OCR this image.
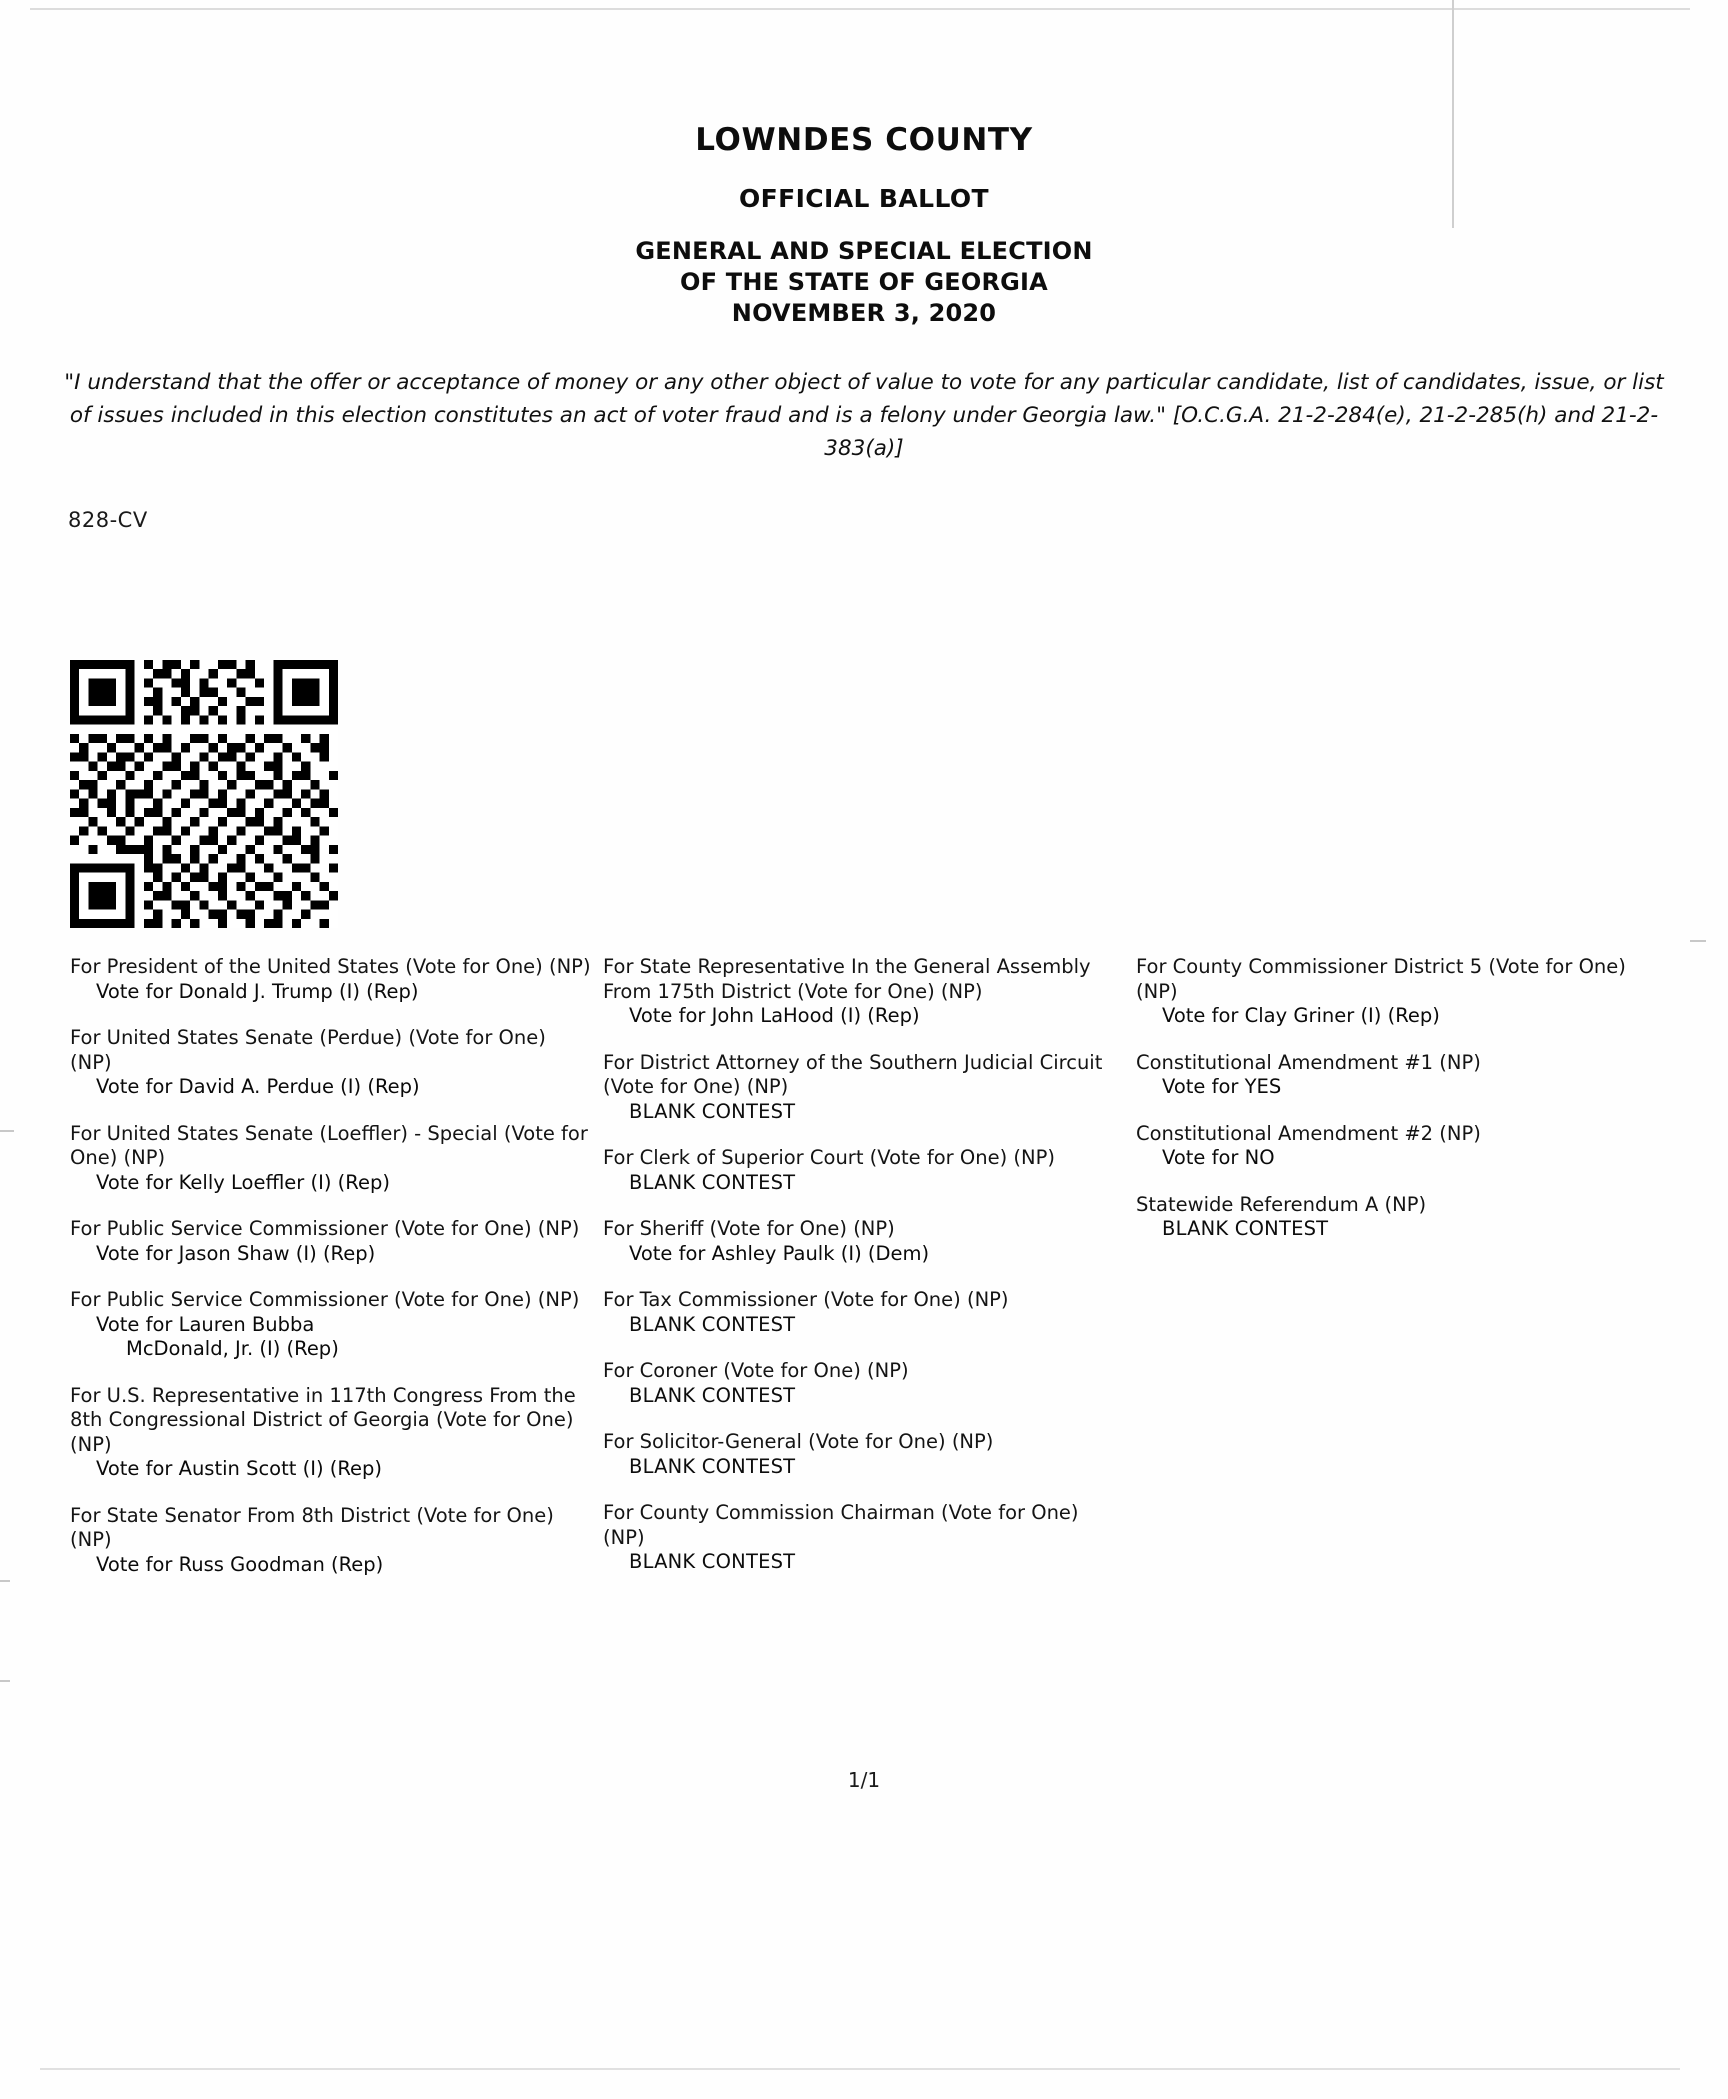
LOWNDES COUNTY
OFFICIAL BALLOT
GENERAL AND SPECIAL ELECTION
OF THE STATE OF GEORGIA
NOVEMBER 3, 2020
"I understand that the offer or acceptance of money or any other object of value to vote for any particular candidate, list of candidates, issue, or list of issues included in this election constitutes an act of voter fraud and is a felony under Georgia law." [O.C.G.A. 21-2-284(e), 21-2-285(h) and 21-2-383(a)]
828-CV
For President of the United States (Vote for One) (NP)
Vote for Donald J. Trump (I) (Rep)
For United States Senate (Perdue) (Vote for One) (NP)
Vote for David A. Perdue (I) (Rep)
For United States Senate (Loeffler) - Special (Vote for One) (NP)
Vote for Kelly Loeffler (I) (Rep)
For Public Service Commissioner (Vote for One) (NP)
Vote for Jason Shaw (I) (Rep)
For Public Service Commissioner (Vote for One) (NP)
Vote for Lauren Bubba
McDonald, Jr. (I) (Rep)
For U.S. Representative in 117th Congress From the 8th Congressional District of Georgia (Vote for One) (NP)
Vote for Austin Scott (I) (Rep)
For State Senator From 8th District (Vote for One) (NP)
Vote for Russ Goodman (Rep)
For State Representative In the General Assembly From 175th District (Vote for One) (NP)
Vote for John LaHood (I) (Rep)
For District Attorney of the Southern Judicial Circuit (Vote for One) (NP)
BLANK CONTEST
For Clerk of Superior Court (Vote for One) (NP)
BLANK CONTEST
For Sheriff (Vote for One) (NP)
Vote for Ashley Paulk (I) (Dem)
For Tax Commissioner (Vote for One) (NP)
BLANK CONTEST
For Coroner (Vote for One) (NP)
BLANK CONTEST
For Solicitor-General (Vote for One) (NP)
BLANK CONTEST
For County Commission Chairman (Vote for One) (NP)
BLANK CONTEST
For County Commissioner District 5 (Vote for One) (NP)
Vote for Clay Griner (I) (Rep)
Constitutional Amendment #1 (NP)
Vote for YES
Constitutional Amendment #2 (NP)
Vote for NO
Statewide Referendum A (NP)
BLANK CONTEST
1/1
